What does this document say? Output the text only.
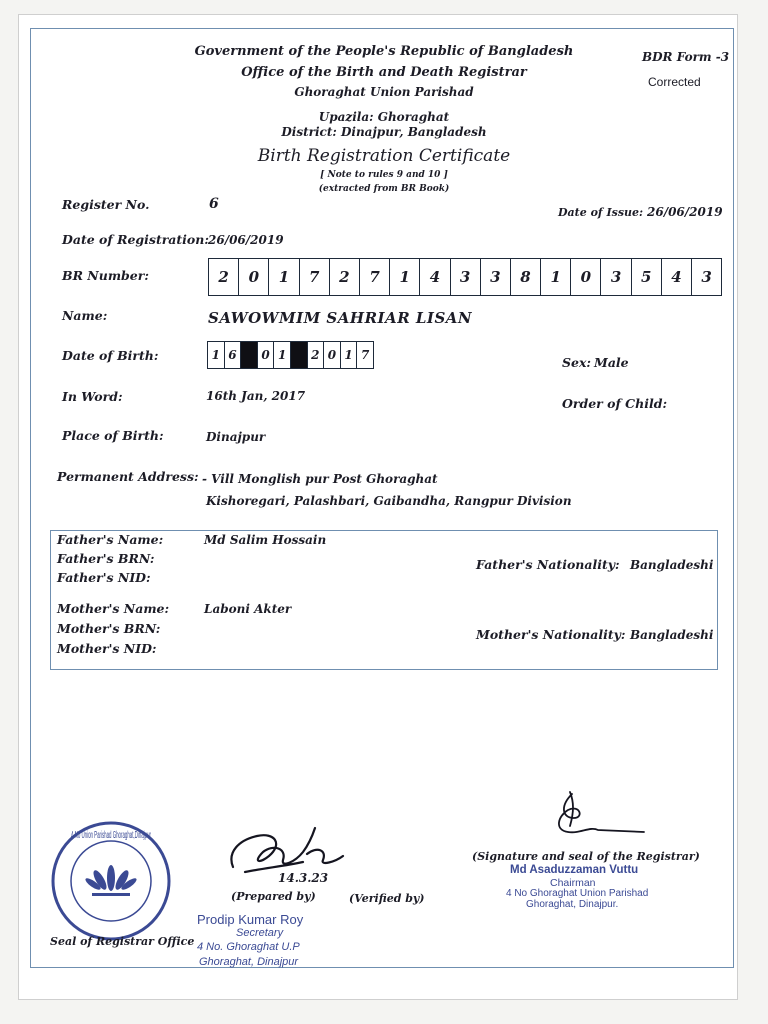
Government of the People's Republic of Bangladesh
Office of the Birth and Death Registrar
Ghoraghat Union Parishad
Upazila: Ghoraghat
District: Dinajpur, Bangladesh
Birth Registration Certificate
[ Note to rules 9 and 10 ]
(extracted from BR Book)
BDR Form -3
Corrected
Register No.	6
Date of Issue: 26/06/2019
Date of Registration: 26/06/2019
BR Number:	2	0	1	7	2	7	1	4	3	3	8	1	0	3	5	4	3
Name:	SAWOWMIM SAHRIAR LISAN
Date of Birth:	1 6	0 1	2 0 1 7	Sex: Male
In Word:	16th Jan, 2017	Order of Child:
Place of Birth:	Dinajpur
Permanent Address: - Vill Monglish pur Post Ghoraghat
Kishoregari, Palashbari, Gaibandha, Rangpur Division
Father's Name:	Md Salim Hossain
Father's BRN:
Father's NID:
Father's Nationality: Bangladeshi
Mother's Name:	Laboni Akter
Mother's BRN:
Mother's NID:
Mother's Nationality: Bangladeshi
4 No Union Parishad Ghoraghat,Dinajpur
Seal of Registrar Office
14.3.23
(Prepared by)	(Verified by)
Prodip Kumar Roy
Secretary
4 No. Ghoraghat U.P
Ghoraghat, Dinajpur
(Signature and seal of the Registrar)
Md Asaduzzaman Vuttu
Chairman
4 No Ghoraghat Union Parishad
Ghoraghat, Dinajpur.
